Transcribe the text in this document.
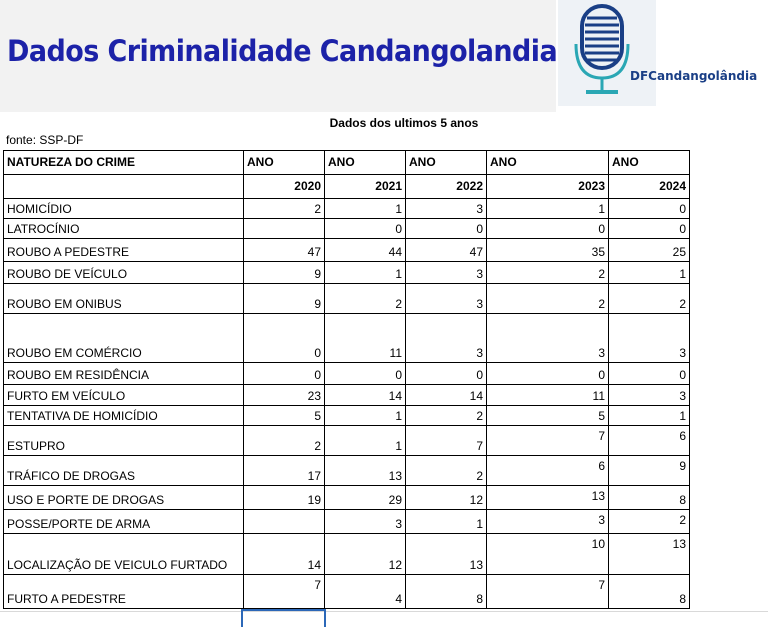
Dados Criminalidade Candangolandia
DFCandangolândia
Dados dos ultimos 5 anos
fonte: SSP-DF
NATUREZA DO CRIME	ANO	ANO	ANO	ANO	ANO
	2020	2021	2022	2023	2024
HOMICÍDIO	2	1	3	1	0
LATROCÍNIO		0	0	0	0
ROUBO A PEDESTRE	47	44	47	35	25
ROUBO DE VEÍCULO	9	1	3	2	1
ROUBO EM ONIBUS	9	2	3	2	2
ROUBO EM COMÉRCIO	0	11	3	3	3
ROUBO EM RESIDÊNCIA	0	0	0	0	0
FURTO EM VEÍCULO	23	14	14	11	3
TENTATIVA DE HOMICÍDIO	5	1	2	5	1
ESTUPRO	2	1	7	7	6
TRÁFICO DE DROGAS	17	13	2	6	9
USO E PORTE DE DROGAS	19	29	12	13	8
POSSE/PORTE DE ARMA		3	1	3	2
LOCALIZAÇÃO DE VEICULO FURTADO	14	12	13	10	13
FURTO A PEDESTRE	7	4	8	7	8
